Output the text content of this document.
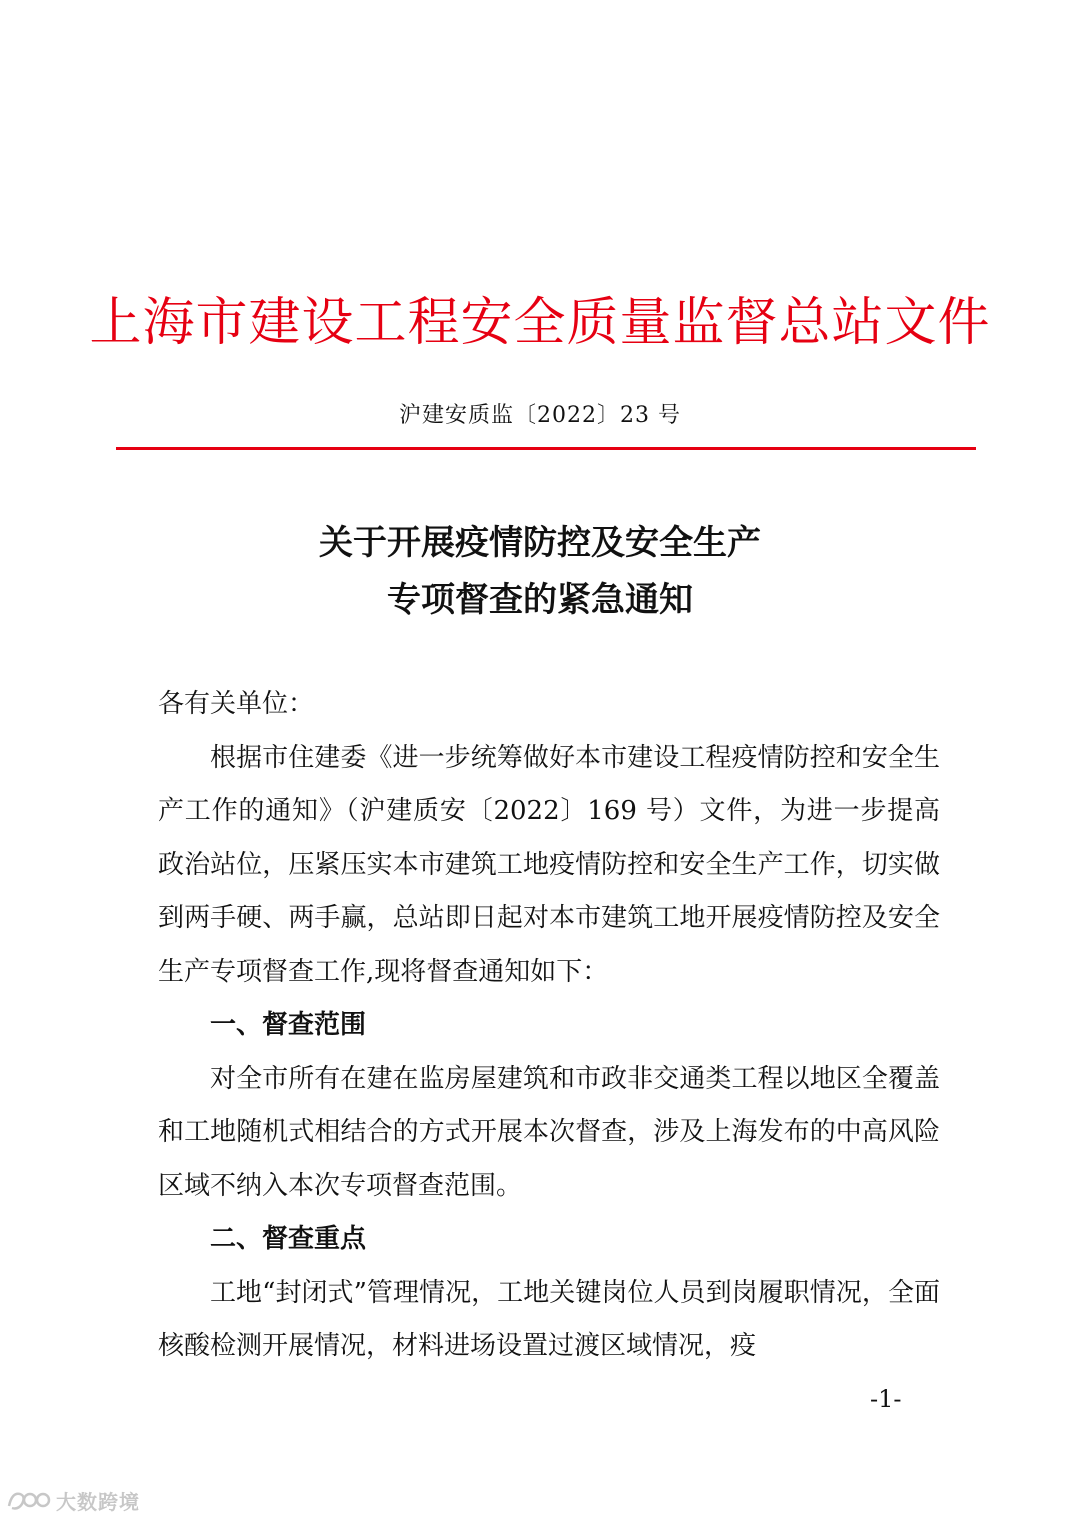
上海市建设工程安全质量监督总站文件
沪建安质监〔2022〕23 号
关于开展疫情防控及安全生产
专项督查的紧急通知

各有关单位：

根据市住建委《进一步统筹做好本市建设工程疫情防控和安全生产工作的通知》（沪建质安〔2022〕169 号）文件，为进一步提高政治站位，压紧压实本市建筑工地疫情防控和安全生产工作，切实做到两手硬、两手赢，总站即日起对本市建筑工地开展疫情防控及安全生产专项督查工作,现将督查通知如下：

一、督查范围

对全市所有在建在监房屋建筑和市政非交通类工程以地区全覆盖和工地随机式相结合的方式开展本次督查，涉及上海发布的中高风险区域不纳入本次专项督查范围。

二、督查重点

工地“封闭式”管理情况，工地关键岗位人员到岗履职情况，全面核酸检测开展情况，材料进场设置过渡区域情况，疫

-1-
大数跨境
